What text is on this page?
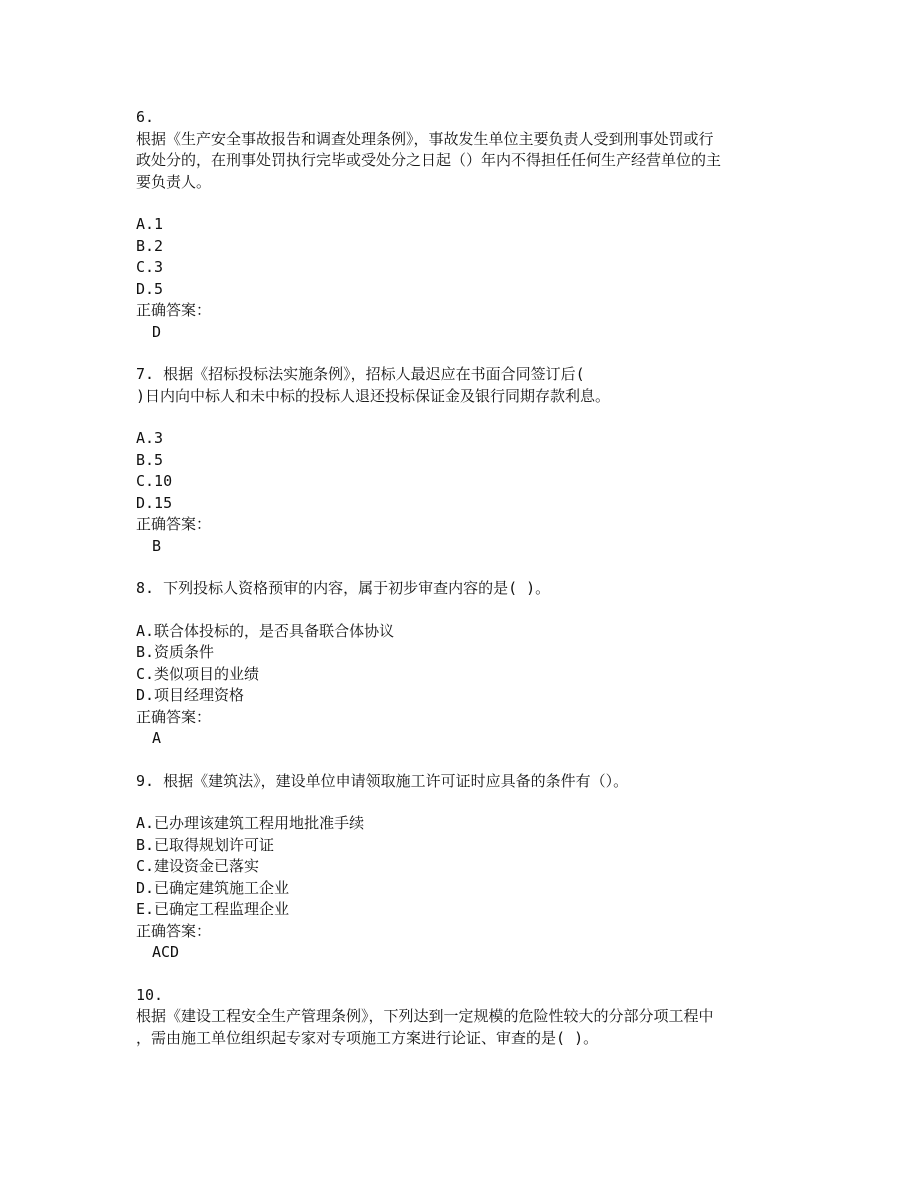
6.

根据《生产安全事故报告和调查处理条例》，事故发生单位主要负责人受到刑事处罚或行

政处分的，在刑事处罚执行完毕或受处分之日起（）年内不得担任任何生产经营单位的主

要负责人。

A.1

B.2

C.3

D.5

正确答案：

D

7. 根据《招标投标法实施条例》，招标人最迟应在书面合同签订后(

)日内向中标人和未中标的投标人退还投标保证金及银行同期存款利息。

A.3

B.5

C.10

D.15

正确答案：

B

8. 下列投标人资格预审的内容，属于初步审查内容的是( )。

A.联合体投标的，是否具备联合体协议

B.资质条件

C.类似项目的业绩

D.项目经理资格

正确答案：

A

9. 根据《建筑法》，建设单位申请领取施工许可证时应具备的条件有（）。

A.已办理该建筑工程用地批准手续

B.已取得规划许可证

C.建设资金已落实

D.已确定建筑施工企业

E.已确定工程监理企业

正确答案：

ACD

10.

根据《建设工程安全生产管理条例》，下列达到一定规模的危险性较大的分部分项工程中

，需由施工单位组织起专家对专项施工方案进行论证、审查的是( )。
